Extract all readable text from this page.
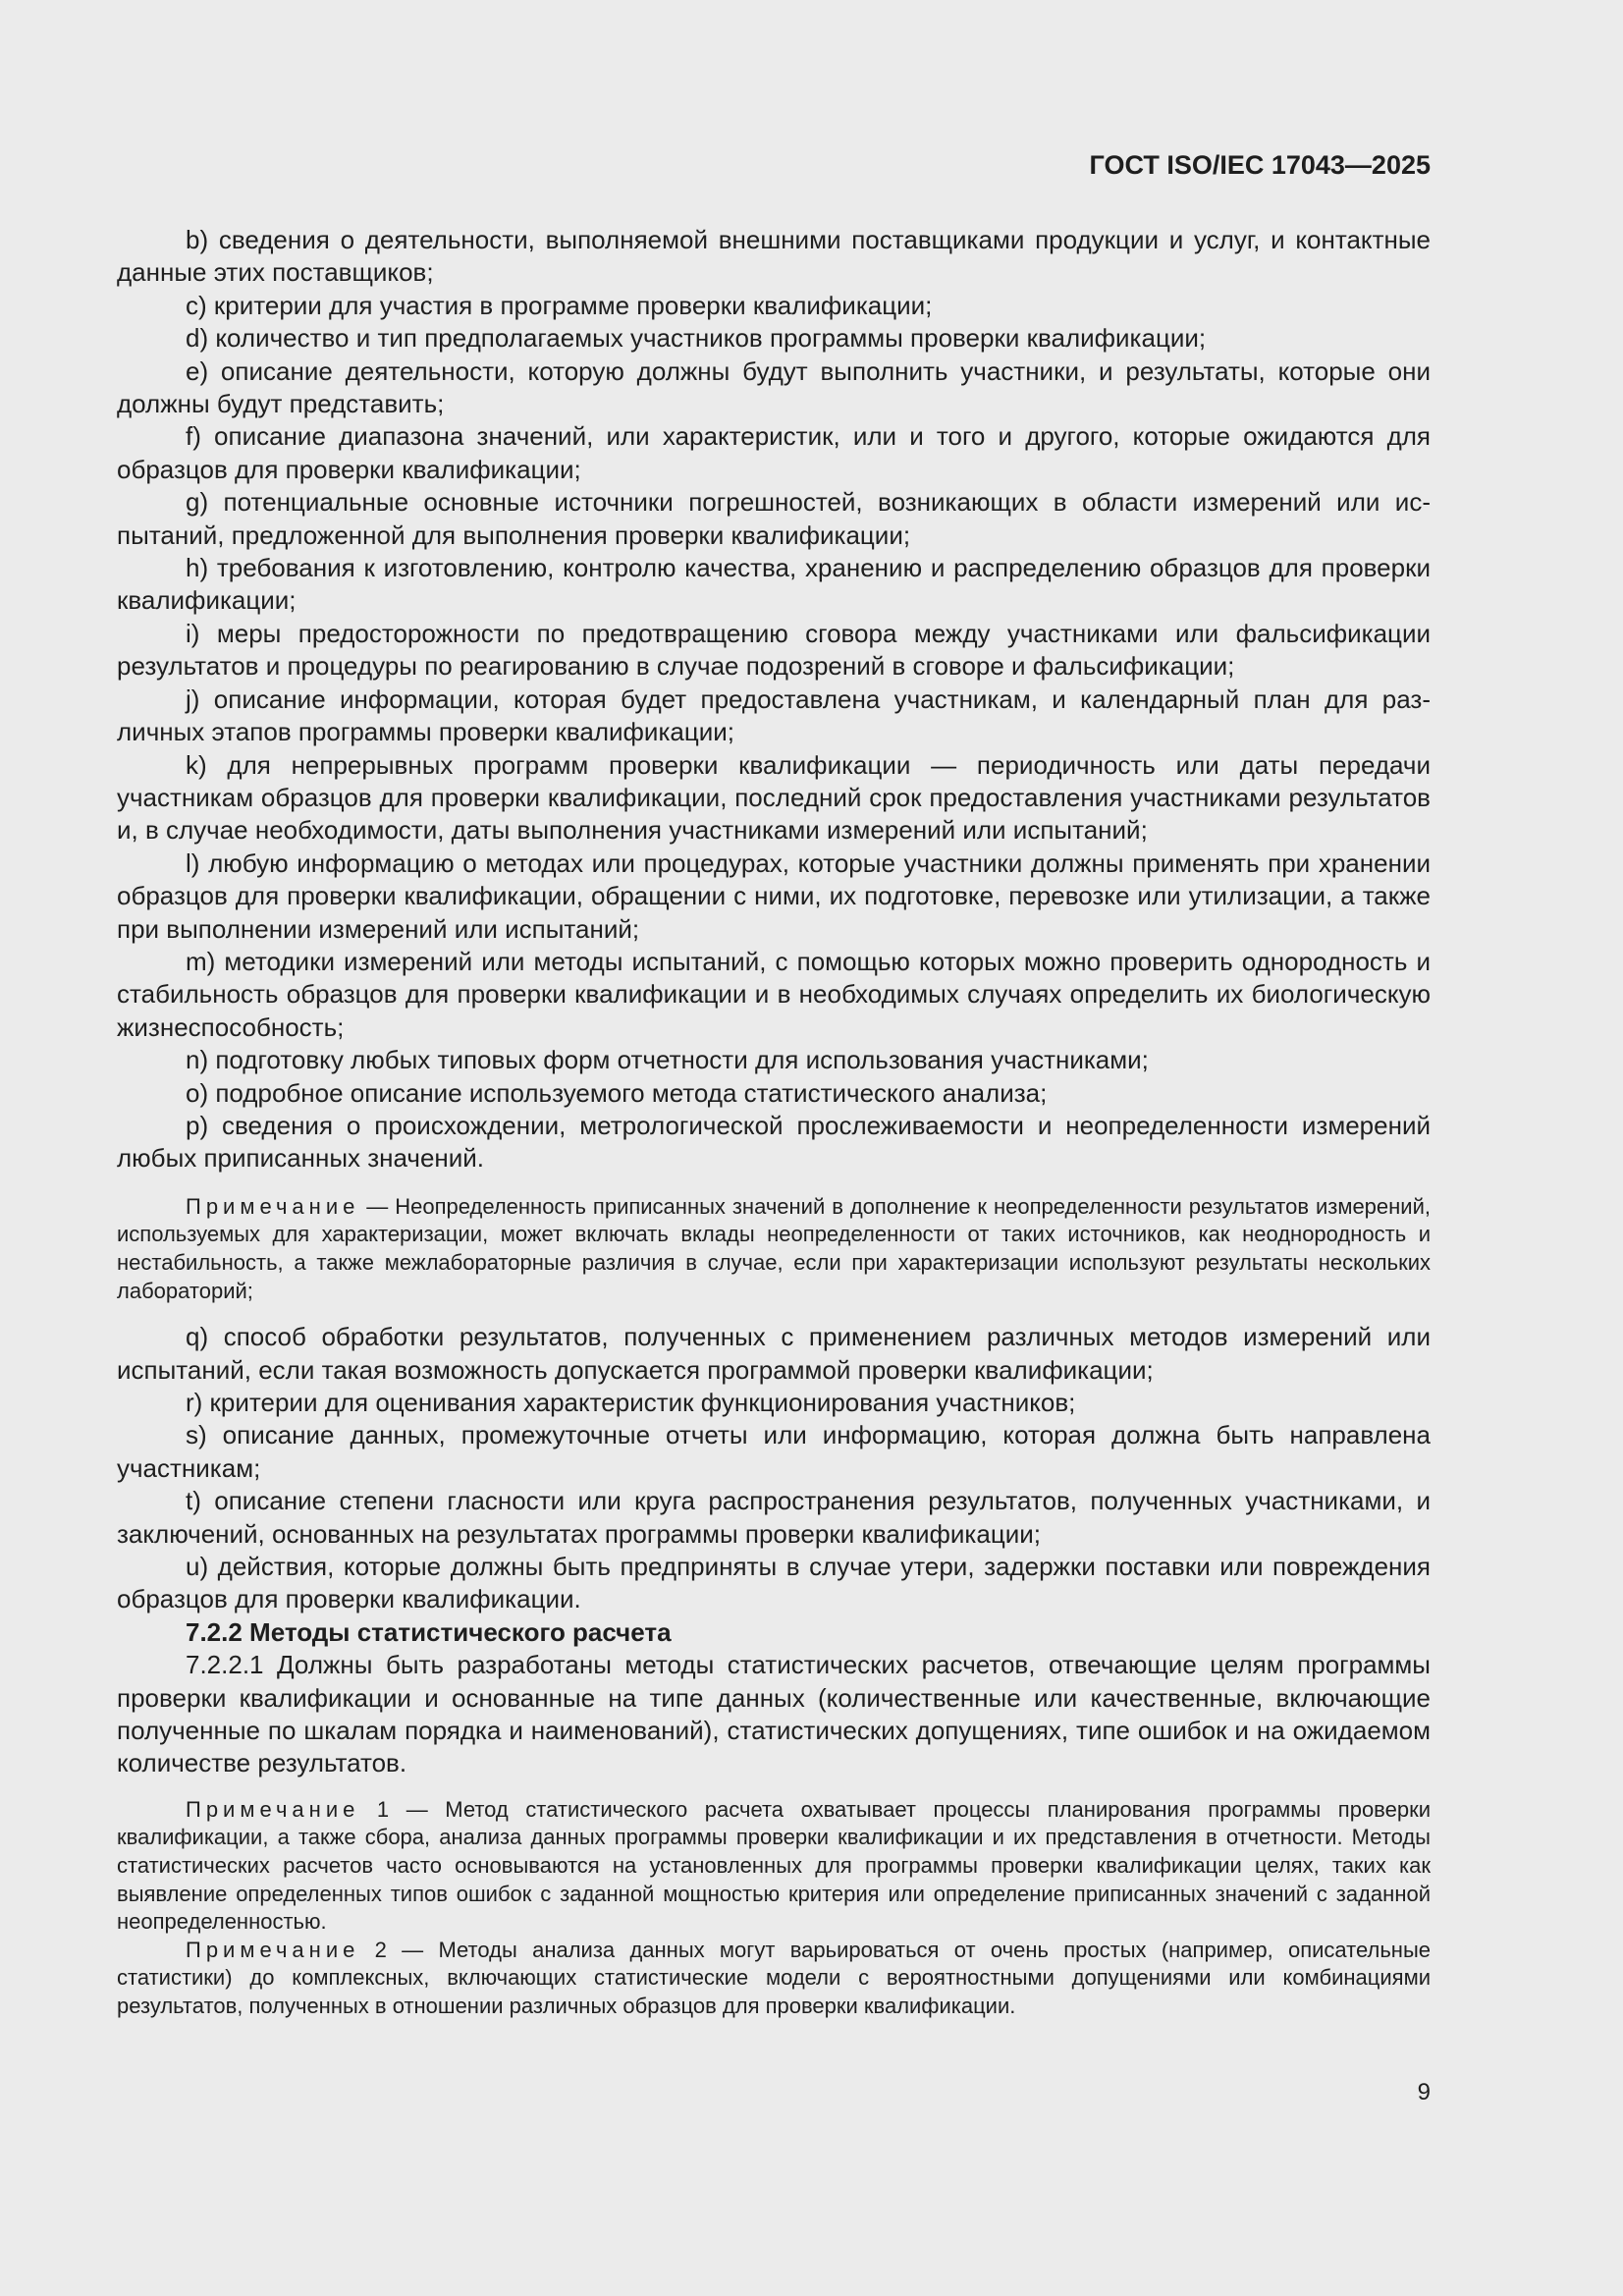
ГОСТ ISO/IEC 17043—2025

b) сведения о деятельности, выполняемой внешними поставщиками продукции и услуг, и контактные данные этих поставщиков;

c) критерии для участия в программе проверки квалификации;

d) количество и тип предполагаемых участников программы проверки квалификации;

e) описание деятельности, которую должны будут выполнить участники, и результаты, которые они должны будут представить;

f) описание диапазона значений, или характеристик, или и того и другого, которые ожидаются для образцов для проверки квалификации;

g) потенциальные основные источники погрешностей, возникающих в области измерений или испытаний, предложенной для выполнения проверки квалификации;

h) требования к изготовлению, контролю качества, хранению и распределению образцов для проверки квалификации;

i) меры предосторожности по предотвращению сговора между участниками или фальсификации результатов и процедуры по реагированию в случае подозрений в сговоре и фальсификации;

j) описание информации, которая будет предоставлена участникам, и календарный план для различных этапов программы проверки квалификации;

k) для непрерывных программ проверки квалификации — периодичность или даты передачи участникам образцов для проверки квалификации, последний срок предоставления участниками результатов и, в случае необходимости, даты выполнения участниками измерений или испытаний;

l) любую информацию о методах или процедурах, которые участники должны применять при хранении образцов для проверки квалификации, обращении с ними, их подготовке, перевозке или утилизации, а также при выполнении измерений или испытаний;

m) методики измерений или методы испытаний, с помощью которых можно проверить однородность и стабильность образцов для проверки квалификации и в необходимых случаях определить их биологическую жизнеспособность;

n) подготовку любых типовых форм отчетности для использования участниками;

o) подробное описание используемого метода статистического анализа;

p) сведения о происхождении, метрологической прослеживаемости и неопределенности измерений любых приписанных значений.

Примечание — Неопределенность приписанных значений в дополнение к неопределенности результатов измерений, используемых для характеризации, может включать вклады неопределенности от таких источников, как неоднородность и нестабильность, а также межлабораторные различия в случае, если при характеризации используют результаты нескольких лабораторий;

q) способ обработки результатов, полученных с применением различных методов измерений или испытаний, если такая возможность допускается программой проверки квалификации;

r) критерии для оценивания характеристик функционирования участников;

s) описание данных, промежуточные отчеты или информацию, которая должна быть направлена участникам;

t) описание степени гласности или круга распространения результатов, полученных участниками, и заключений, основанных на результатах программы проверки квалификации;

u) действия, которые должны быть предприняты в случае утери, задержки поставки или повреждения образцов для проверки квалификации.

7.2.2 Методы статистического расчета

7.2.2.1 Должны быть разработаны методы статистических расчетов, отвечающие целям программы проверки квалификации и основанные на типе данных (количественные или качественные, включающие полученные по шкалам порядка и наименований), статистических допущениях, типе ошибок и на ожидаемом количестве результатов.

Примечание 1 — Метод статистического расчета охватывает процессы планирования программы проверки квалификации, а также сбора, анализа данных программы проверки квалификации и их представления в отчетности. Методы статистических расчетов часто основываются на установленных для программы проверки квалификации целях, таких как выявление определенных типов ошибок с заданной мощностью критерия или определение приписанных значений с заданной неопределенностью.

Примечание 2 — Методы анализа данных могут варьироваться от очень простых (например, описательные статистики) до комплексных, включающих статистические модели с вероятностными допущениями или комбинациями результатов, полученных в отношении различных образцов для проверки квалификации.

9
